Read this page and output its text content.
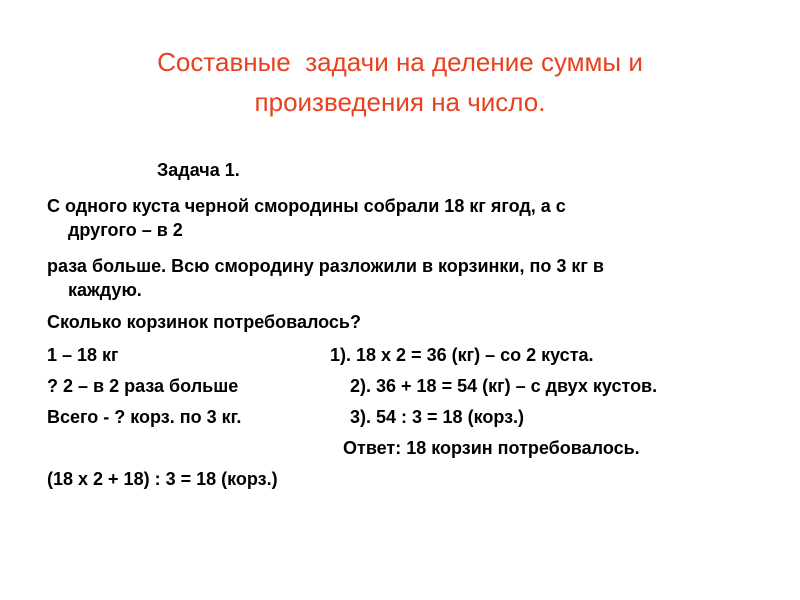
Составные  задачи на деление суммы и
произведения на число.
Задача 1.
С одного куста черной смородины собрали 18 кг ягод, а с
другого – в 2
раза больше. Всю смородину разложили в корзинки, по 3 кг в
каждую.
Сколько корзинок потребовалось?
1 – 18 кг
? 2 – в 2 раза больше
Всего - ? корз. по 3 кг.
1). 18 х 2 = 36 (кг) – со 2 куста.
2). 36 + 18 = 54 (кг) – с двух кустов.
3). 54 : 3 = 18 (корз.)
Ответ: 18 корзин потребовалось.
(18 х 2 + 18) : 3 = 18 (корз.)
